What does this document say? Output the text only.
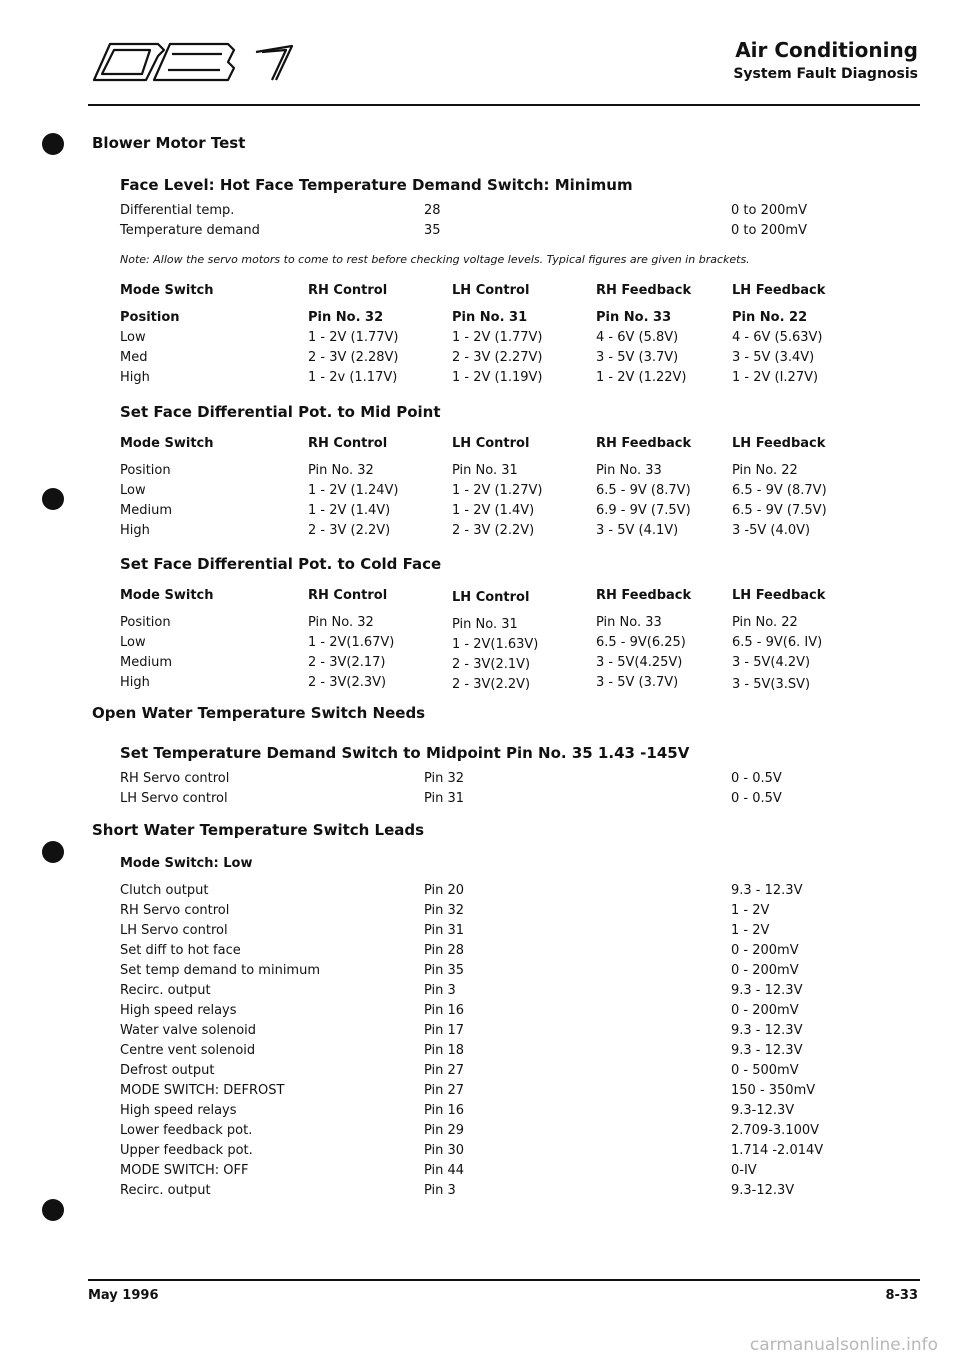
Air Conditioning
System Fault Diagnosis
Blower Motor Test
Face Level: Hot Face Temperature Demand Switch: Minimum
Differential temp.	28	0 to 200mV
Temperature demand	35	0 to 200mV
Note: Allow the servo motors to come to rest before checking voltage levels. Typical figures are given in brackets.
Mode Switch	RH Control	LH Control	RH Feedback	LH Feedback
Position	Pin No. 32	Pin No. 31	Pin No. 33	Pin No. 22
Low	1 - 2V (1.77V)	1 - 2V (1.77V)	4 - 6V (5.8V)	4 - 6V (5.63V)
Med	2 - 3V (2.28V)	2 - 3V (2.27V)	3 - 5V (3.7V)	3 - 5V (3.4V)
High	1 - 2v (1.17V)	1 - 2V (1.19V)	1 - 2V (1.22V)	1 - 2V (I.27V)
Set Face Differential Pot. to Mid Point
Mode Switch	RH Control	LH Control	RH Feedback	LH Feedback
Position	Pin No. 32	Pin No. 31	Pin No. 33	Pin No. 22
Low	1 - 2V (1.24V)	1 - 2V (1.27V)	6.5 - 9V (8.7V)	6.5 - 9V (8.7V)
Medium	1 - 2V (1.4V)	1 - 2V (1.4V)	6.9 - 9V (7.5V)	6.5 - 9V (7.5V)
High	2 - 3V (2.2V)	2 - 3V (2.2V)	3 - 5V (4.1V)	3 -5V (4.0V)
Set Face Differential Pot. to Cold Face
Mode Switch	RH Control	LH Control	RH Feedback	LH Feedback
Position	Pin No. 32	Pin No. 31	Pin No. 33	Pin No. 22
Low	1 - 2V(1.67V)	1 - 2V(1.63V)	6.5 - 9V(6.25)	6.5 - 9V(6. IV)
Medium	2 - 3V(2.17)	2 - 3V(2.1V)	3 - 5V(4.25V)	3 - 5V(4.2V)
High	2 - 3V(2.3V)	2 - 3V(2.2V)	3 - 5V (3.7V)	3 - 5V(3.SV)
Open Water Temperature Switch Needs
Set Temperature Demand Switch to Midpoint Pin No. 35 1.43 -145V
RH Servo control	Pin 32	0 - 0.5V
LH Servo control	Pin 31	0 - 0.5V
Short Water Temperature Switch Leads
Mode Switch: Low
Clutch output	Pin 20	9.3 - 12.3V
RH Servo control	Pin 32	1 - 2V
LH Servo control	Pin 31	1 - 2V
Set diff to hot face	Pin 28	0 - 200mV
Set temp demand to minimum	Pin 35	0 - 200mV
Recirc. output	Pin 3	9.3 - 12.3V
High speed relays	Pin 16	0 - 200mV
Water valve solenoid	Pin 17	9.3 - 12.3V
Centre vent solenoid	Pin 18	9.3 - 12.3V
Defrost output	Pin 27	0 - 500mV
MODE SWITCH: DEFROST	Pin 27	150 - 350mV
High speed relays	Pin 16	9.3-12.3V
Lower feedback pot.	Pin 29	2.709-3.100V
Upper feedback pot.	Pin 30	1.714 -2.014V
MODE SWITCH: OFF	Pin 44	0-IV
Recirc. output	Pin 3	9.3-12.3V
May 1996	8-33
carmanualsonline.info
